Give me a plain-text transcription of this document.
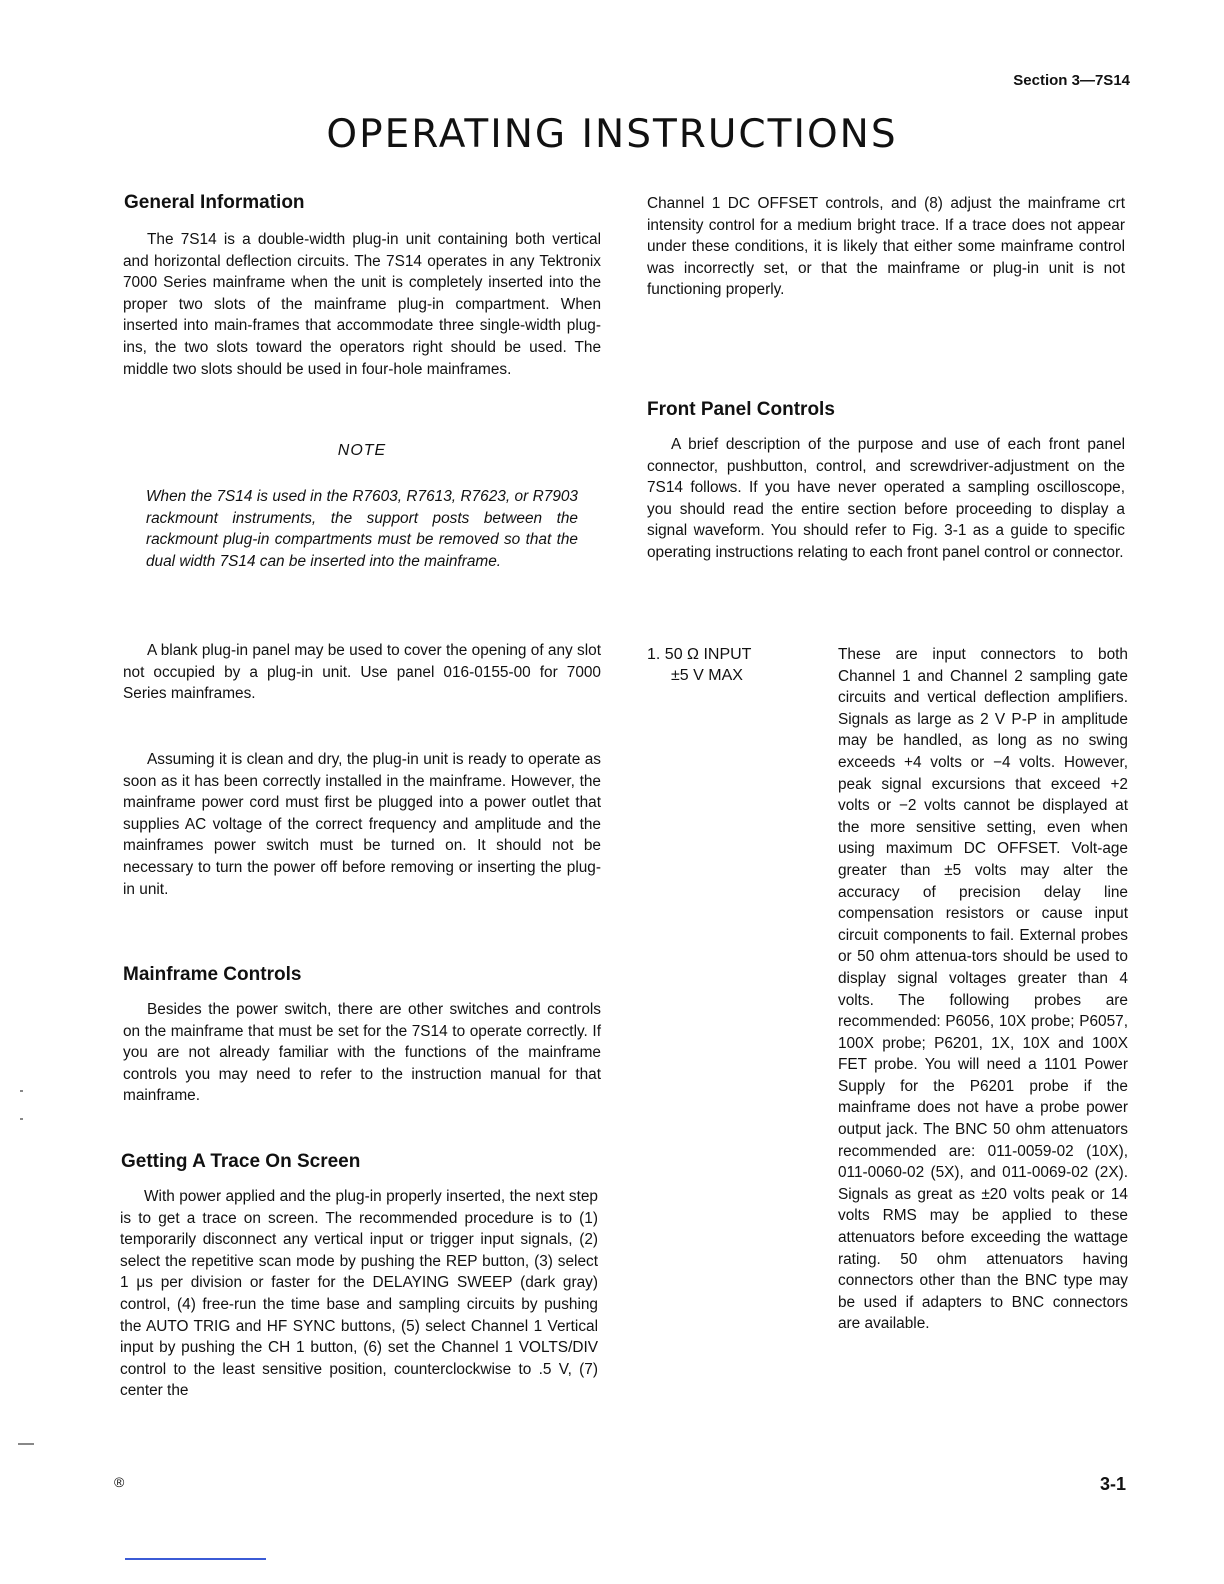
Section 3—7S14
OPERATING INSTRUCTIONS
General Information

The 7S14 is a double-width plug-in unit containing both vertical and horizontal deflection circuits. The 7S14 operates in any Tektronix 7000 Series mainframe when the unit is completely inserted into the proper two slots of the mainframe plug-in compartment. When inserted into main-frames that accommodate three single-width plug-ins, the two slots toward the operators right should be used. The middle two slots should be used in four-hole mainframes.

NOTE
When the 7S14 is used in the R7603, R7613, R7623, or R7903 rackmount instruments, the support posts between the rackmount plug-in compartments must be removed so that the dual width 7S14 can be inserted into the mainframe.

A blank plug-in panel may be used to cover the opening of any slot not occupied by a plug-in unit. Use panel 016-0155-00 for 7000 Series mainframes.

Assuming it is clean and dry, the plug-in unit is ready to operate as soon as it has been correctly installed in the mainframe. However, the mainframe power cord must first be plugged into a power outlet that supplies AC voltage of the correct frequency and amplitude and the mainframes power switch must be turned on. It should not be necessary to turn the power off before removing or inserting the plug-in unit.

Mainframe Controls

Besides the power switch, there are other switches and controls on the mainframe that must be set for the 7S14 to operate correctly. If you are not already familiar with the functions of the mainframe controls you may need to refer to the instruction manual for that mainframe.

Getting A Trace On Screen

With power applied and the plug-in properly inserted, the next step is to get a trace on screen. The recommended procedure is to (1) temporarily disconnect any vertical input or trigger input signals, (2) select the repetitive scan mode by pushing the REP button, (3) select 1 μs per division or faster for the DELAYING SWEEP (dark gray) control, (4) free-run the time base and sampling circuits by pushing the AUTO TRIG and HF SYNC buttons, (5) select Channel 1 Vertical input by pushing the CH 1 button, (6) set the Channel 1 VOLTS/DIV control to the least sensitive position, counterclockwise to .5 V, (7) center the

Channel 1 DC OFFSET controls, and (8) adjust the mainframe crt intensity control for a medium bright trace. If a trace does not appear under these conditions, it is likely that either some mainframe control was incorrectly set, or that the mainframe or plug-in unit is not functioning properly.

Front Panel Controls

A brief description of the purpose and use of each front panel connector, pushbutton, control, and screwdriver-adjustment on the 7S14 follows. If you have never operated a sampling oscilloscope, you should read the entire section before proceeding to display a signal waveform. You should refer to Fig. 3-1 as a guide to specific operating instructions relating to each front panel control or connector.

1. 50 Ω INPUT
±5 V MAX
These are input connectors to both Channel 1 and Channel 2 sampling gate circuits and vertical deflection amplifiers. Signals as large as 2 V P-P in amplitude may be handled, as long as no swing exceeds +4 volts or −4 volts. However, peak signal excursions that exceed +2 volts or −2 volts cannot be displayed at the more sensitive setting, even when using maximum DC OFFSET. Volt-age greater than ±5 volts may alter the accuracy of precision delay line compensation resistors or cause input circuit components to fail. External probes or 50 ohm attenua-tors should be used to display signal voltages greater than 4 volts. The following probes are recommended: P6056, 10X probe; P6057, 100X probe; P6201, 1X, 10X and 100X FET probe. You will need a 1101 Power Supply for the P6201 probe if the mainframe does not have a probe power output jack. The BNC 50 ohm attenuators recommended are: 011-0059-02 (10X), 011-0060-02 (5X), and 011-0069-02 (2X). Signals as great as ±20 volts peak or 14 volts RMS may be applied to these attenuators before exceeding the wattage rating. 50 ohm attenuators having connectors other than the BNC type may be used if adapters to BNC connectors are available.
®	3-1
